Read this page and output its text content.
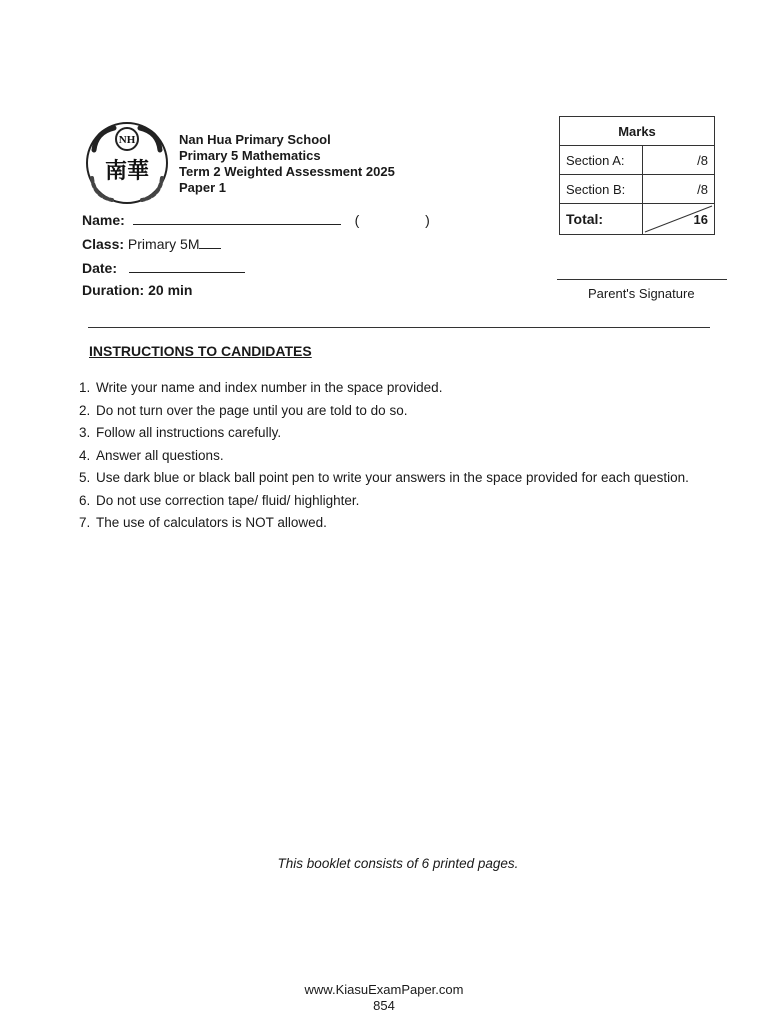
NH
南華
Nan Hua Primary School
Primary 5 Mathematics
Term 2 Weighted Assessment 2025
Paper 1
Name:	(	)
Class: Primary 5M
Date:
Duration: 20 min
Marks	
Section A:	/8
Section B:	/8
Total:	16
Parent's Signature
INSTRUCTIONS TO CANDIDATES
1. Write your name and index number in the space provided.
2. Do not turn over the page until you are told to do so.
3. Follow all instructions carefully.
4. Answer all questions.
5. Use dark blue or black ball point pen to write your answers in the space provided for each question.
6. Do not use correction tape/ fluid/ highlighter.
7. The use of calculators is NOT allowed.
This booklet consists of 6 printed pages.
www.KiasuExamPaper.com
854
